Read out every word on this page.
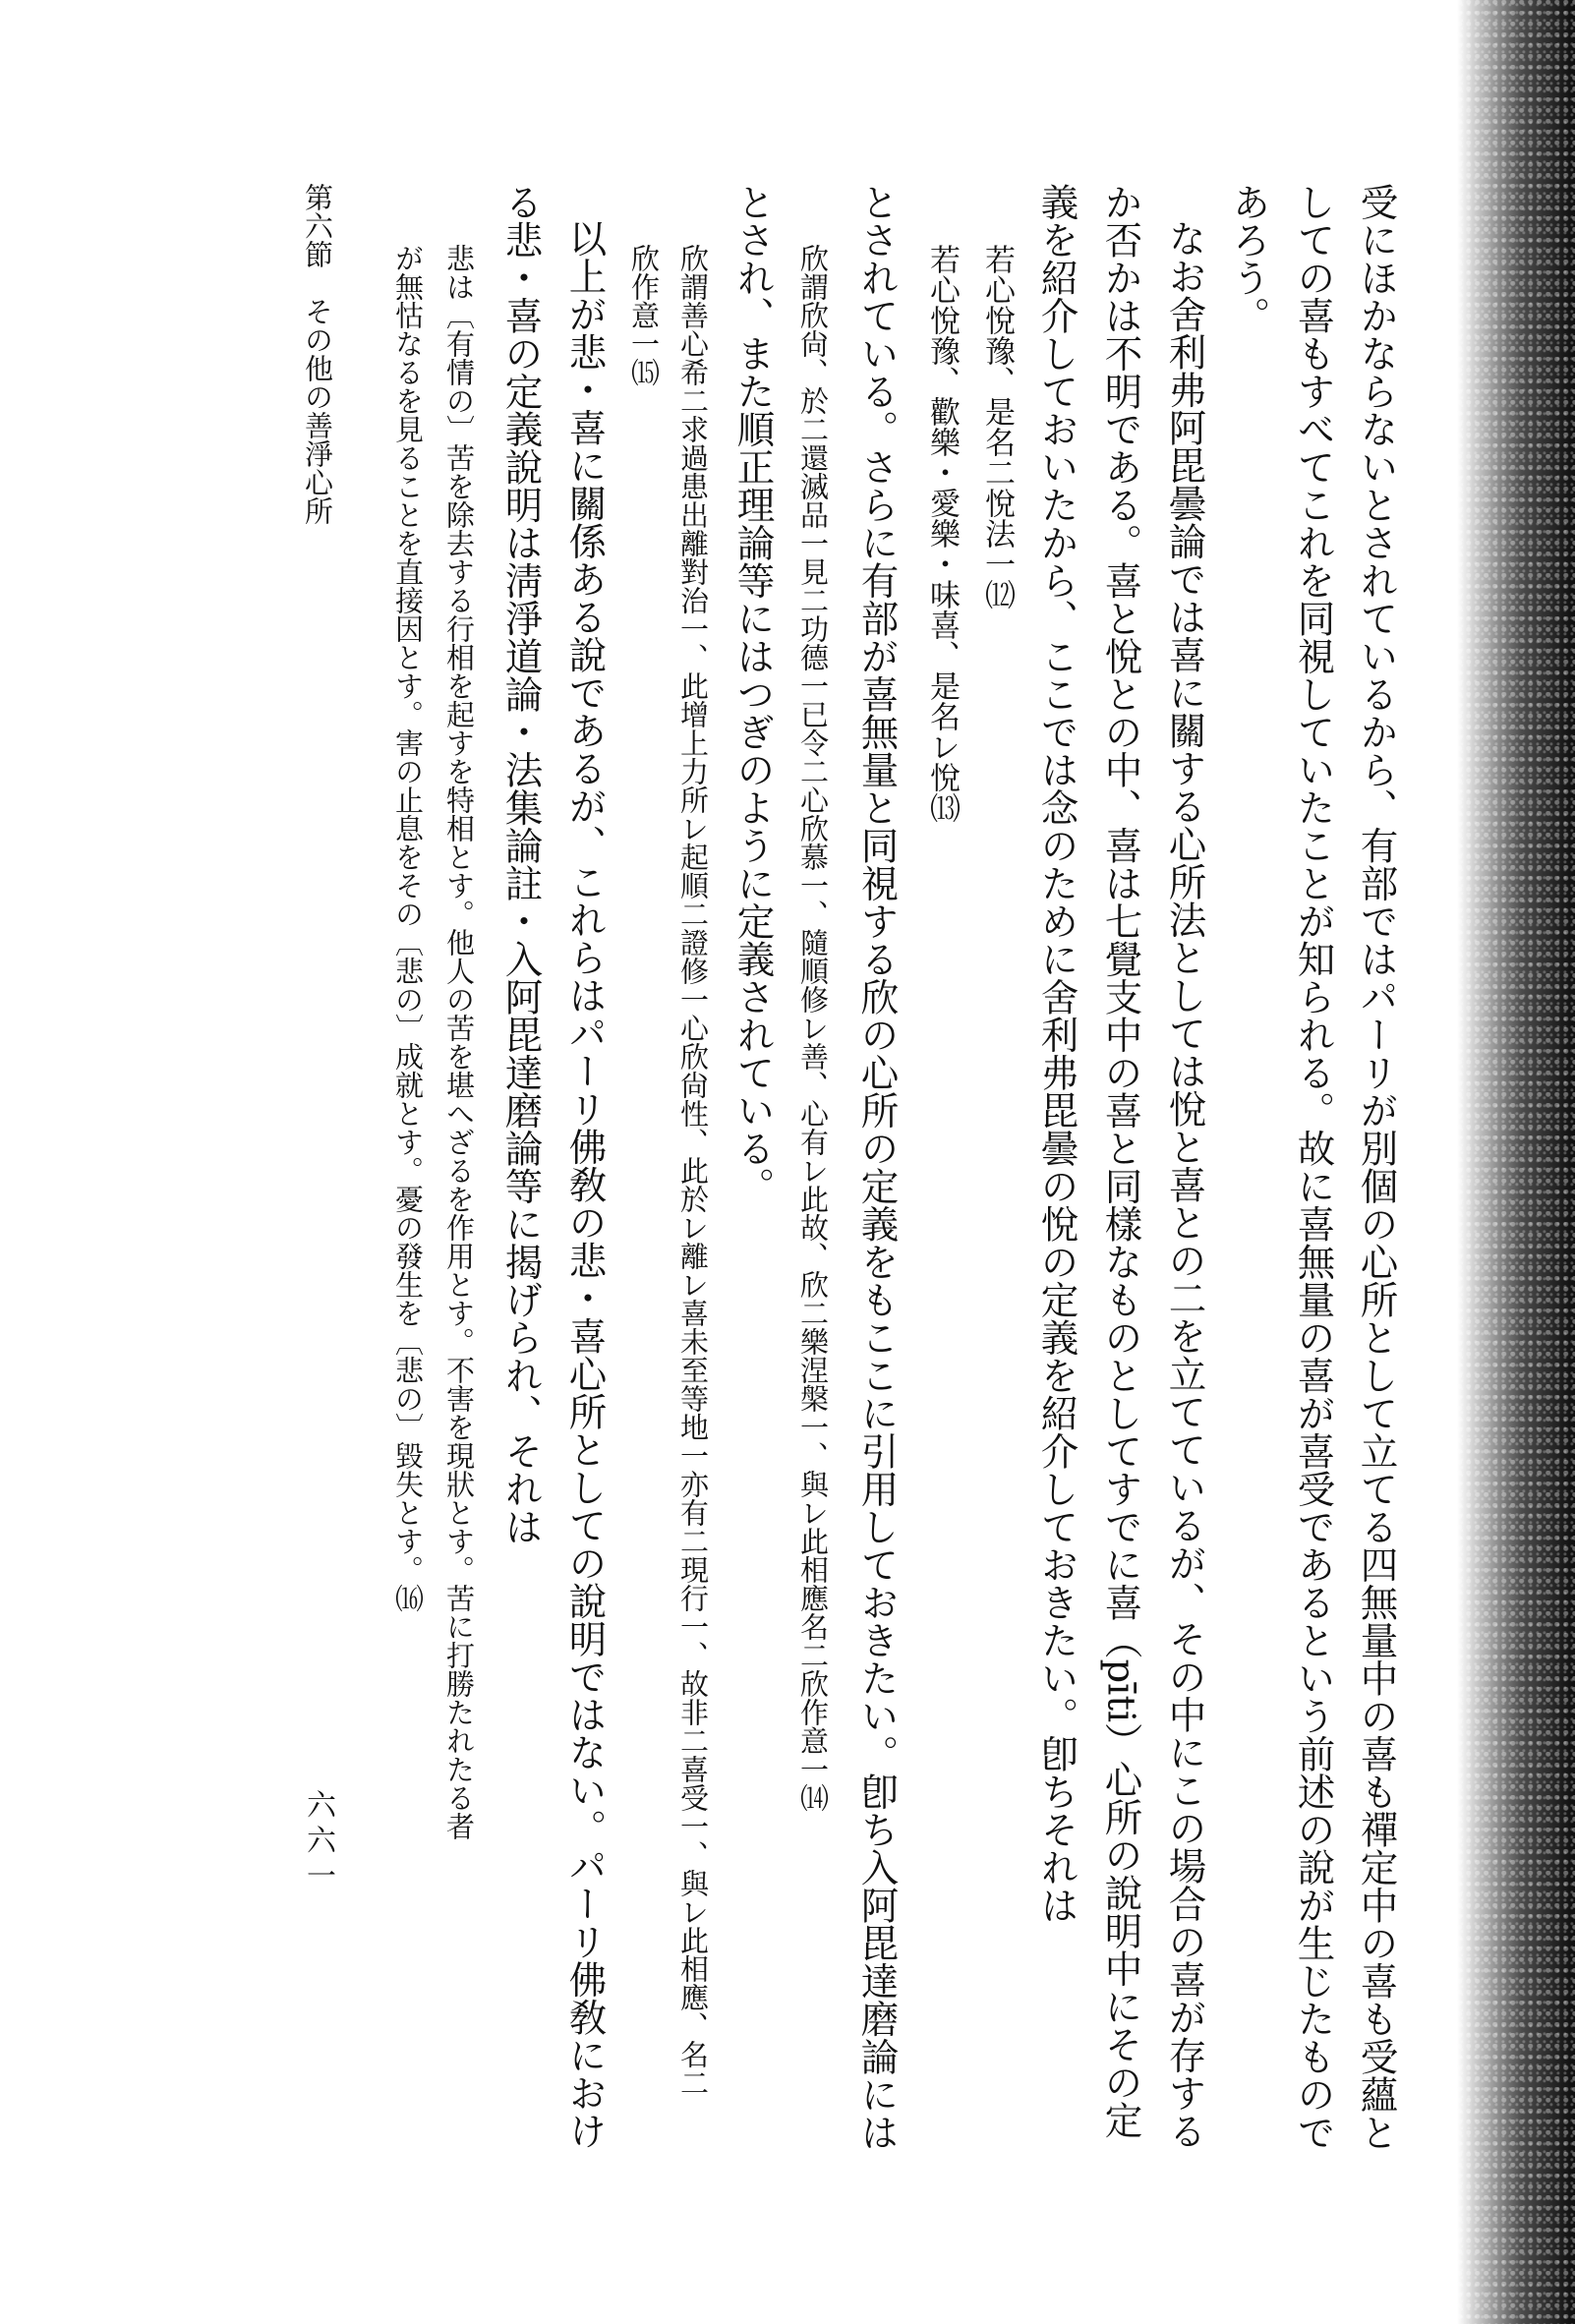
受にほかならないとされているから、有部ではパーリが別個の心所として立てる四無量中の喜も禪定中の喜も受蘊と
しての喜もすべてこれを同視していたことが知られる。故に喜無量の喜が喜受であるという前述の說が生じたもので
あろう。
なお舍利弗阿毘曇論では喜に關する心所法としては悅と喜との二を立てているが、その中にこの場合の喜が存する
か否かは不明である。喜と悅との中、喜は七覺支中の喜と同樣なものとしてすでに喜（pīti）心所の說明中にその定
義を紹介しておいたから、ここでは念のために舍利弗毘曇の悅の定義を紹介しておきたい。卽ちそれは
若心悅豫、是名二悅法一⑿
若心悅豫、歡樂・愛樂・味喜、是名レ悅⒀
とされている。さらに有部が喜無量と同視する欣の心所の定義をもここに引用しておきたい。卽ち入阿毘達磨論には
欣謂欣尙、於二還滅品一見二功德一已令二心欣慕一、隨順修レ善、心有レ此故、欣二樂涅槃一、與レ此相應名二欣作意一⒁
とされ、また順正理論等にはつぎのように定義されている。
欣謂善心希二求過患出離對治一、此增上力所レ起順二證修一心欣尙性、此於レ離レ喜未至等地一亦有二現行一、故非二喜受一、與レ此相應、名二
欣作意一⒂
以上が悲・喜に關係ある說であるが、これらはパーリ佛敎の悲・喜心所としての說明ではない。パーリ佛敎におけ
る悲・喜の定義說明は淸淨道論・法集論註・入阿毘達磨論等に揭げられ、それは
悲は〔有情の〕苦を除去する行相を起すを特相とす。他人の苦を堪へざるを作用とす。不害を現狀とす。苦に打勝たれたる者
が無怙なるを見ることを直接因とす。害の止息をその〔悲の〕成就とす。憂の發生を〔悲の〕毀失とす。⒃
第六節　その他の善淨心所
六六一
